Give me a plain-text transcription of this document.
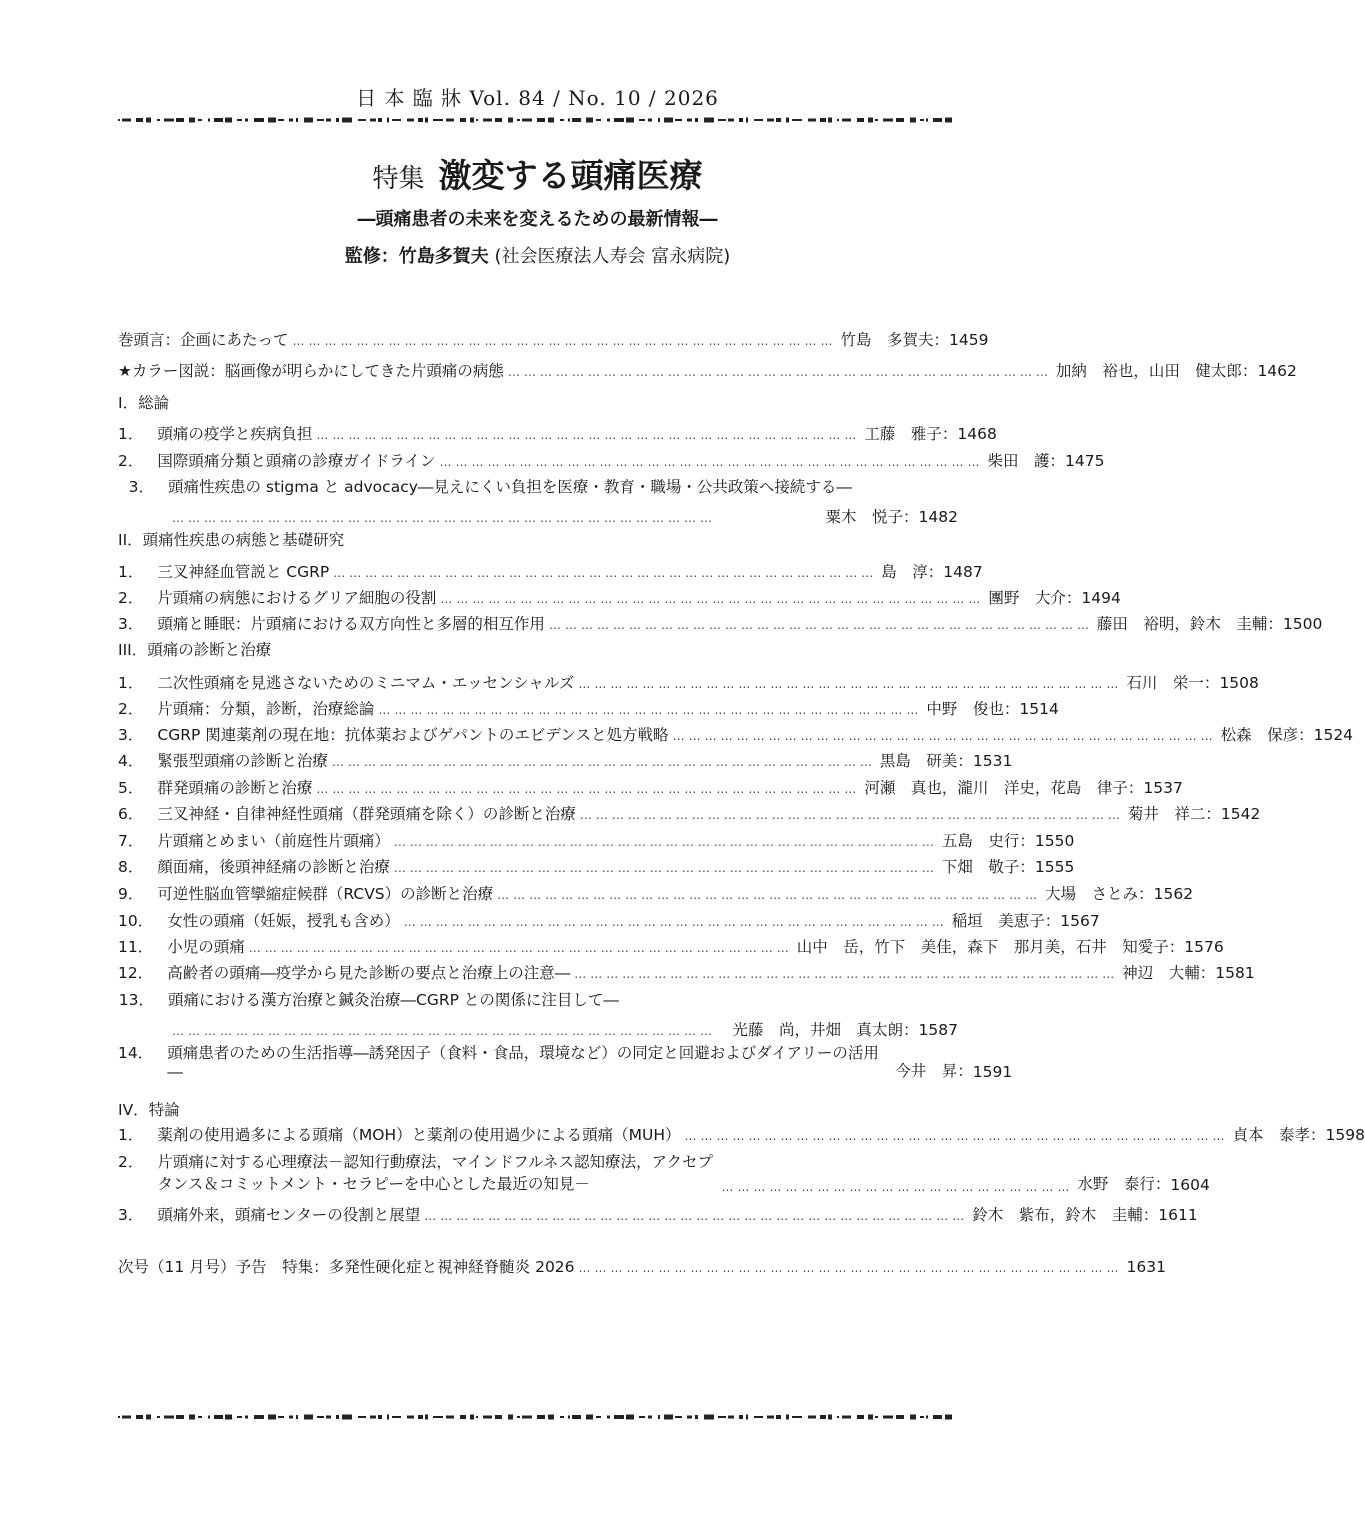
日 本 臨 牀 Vol. 84 / No. 10 / 2026
特集 激変する頭痛医療
―頭痛患者の未来を変えるための最新情報―
監修：竹島多賀夫 (社会医療法人寿会 富永病院)
巻頭言：企画にあたって ………………………………………………………………………………………… 竹島　多賀夫 ： 1459
★カラー図説：脳画像が明らかにしてきた片頭痛の病態 ………………………………………………………………………………………… 加納　裕也，山田　健太郎 ： 1462
Ⅰ．総論
1． 頭痛の疫学と疾病負担 ………………………………………………………………………………………… 工藤　雅子 ： 1468
2． 国際頭痛分類と頭痛の診療ガイドライン ………………………………………………………………………………………… 柴田　護 ： 1475
3． 頭痛性疾患の stigma と advocacy―見えにくい負担を医療・教育・職場・公共政策へ接続する―
…………………………………………………………………………………………	粟木　悦子 ： 1482
II．頭痛性疾患の病態と基礎研究
1． 三叉神経血管説と CGRP ………………………………………………………………………………………… 島　淳 ： 1487
2． 片頭痛の病態におけるグリア細胞の役割 ………………………………………………………………………………………… 團野　大介 ： 1494
3． 頭痛と睡眠：片頭痛における双方向性と多層的相互作用 ………………………………………………………………………………………… 藤田　裕明，鈴木　圭輔 ： 1500
III．頭痛の診断と治療
1． 二次性頭痛を見逃さないためのミニマム・エッセンシャルズ ………………………………………………………………………………………… 石川　栄一 ： 1508
2． 片頭痛：分類，診断，治療総論 ………………………………………………………………………………………… 中野　俊也 ： 1514
3． CGRP 関連薬剤の現在地：抗体薬およびゲパントのエビデンスと処方戦略 ………………………………………………………………………………………… 松森　保彦 ： 1524
4． 緊張型頭痛の診断と治療 ………………………………………………………………………………………… 黒島　研美 ： 1531
5． 群発頭痛の診断と治療 ………………………………………………………………………………………… 河瀬　真也，瀧川　洋史，花島　律子 ： 1537
6． 三叉神経・自律神経性頭痛（群発頭痛を除く）の診断と治療 ………………………………………………………………………………………… 菊井　祥二 ： 1542
7． 片頭痛とめまい（前庭性片頭痛） ………………………………………………………………………………………… 五島　史行 ： 1550
8． 顔面痛，後頭神経痛の診断と治療 ………………………………………………………………………………………… 下畑　敬子 ： 1555
9． 可逆性脳血管攣縮症候群（RCVS）の診断と治療 ………………………………………………………………………………………… 大場　さとみ ： 1562
10． 女性の頭痛（妊娠，授乳も含め） ………………………………………………………………………………………… 稲垣　美恵子 ： 1567
11． 小児の頭痛 ………………………………………………………………………………………… 山中　岳，竹下　美佳，森下　那月美，石井　知愛子 ： 1576
12． 高齢者の頭痛―疫学から見た診断の要点と治療上の注意― ………………………………………………………………………………………… 神辺　大輔 ： 1581
13． 頭痛における漢方治療と鍼灸治療―CGRP との関係に注目して―
…………………………………………………………………………………………	光藤　尚，井畑　真太朗 ： 1587
14． 頭痛患者のための生活指導―誘発因子（食料・食品，環境など）の同定と回避およびダイアリーの活用―	今井　昇 ： 1591
IV．特論
1． 薬剤の使用過多による頭痛（MOH）と薬剤の使用過少による頭痛（MUH） ………………………………………………………………………………………… 貞本　泰孝 ： 1598
2． 片頭痛に対する心理療法－認知行動療法，マインドフルネス認知療法，アクセプタンス＆コミットメント・セラピーを中心とした最近の知見－	………………………………………………………… 水野　泰行 ： 1604
3． 頭痛外来，頭痛センターの役割と展望 ………………………………………………………………………………………… 鈴木　紫布，鈴木　圭輔 ： 1611
次号（11 月号）予告　特集：多発性硬化症と視神経脊髄炎 2026 ………………………………………………………………………………………… 1631
